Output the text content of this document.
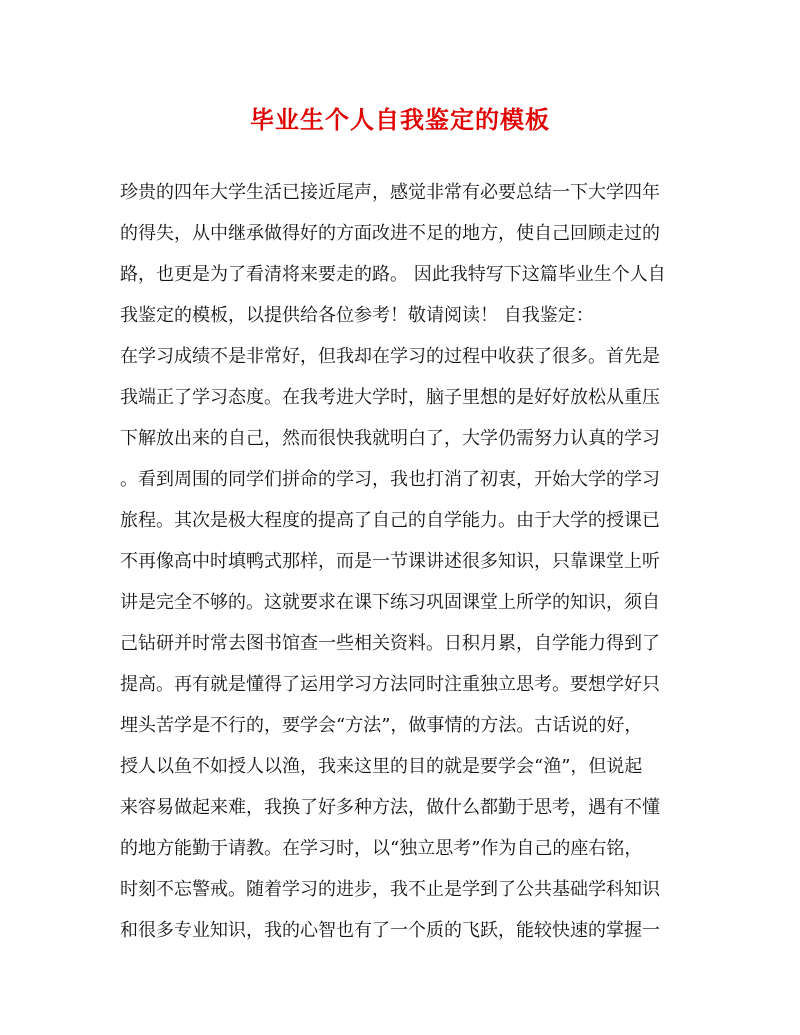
毕业生个人自我鉴定的模板
珍贵的四年大学生活已接近尾声，感觉非常有必要总结一下大学四年
的得失，从中继承做得好的方面改进不足的地方，使自己回顾走过的
路，也更是为了看清将来要走的路。 因此我特写下这篇毕业生个人自
我鉴定的模板，以提供给各位参考！敬请阅读！ 自我鉴定：
在学习成绩不是非常好，但我却在学习的过程中收获了很多。首先是
我端正了学习态度。在我考进大学时，脑子里想的是好好放松从重压
下解放出来的自己，然而很快我就明白了，大学仍需努力认真的学习
。看到周围的同学们拼命的学习，我也打消了初衷，开始大学的学习
旅程。其次是极大程度的提高了自己的自学能力。由于大学的授课已
不再像高中时填鸭式那样，而是一节课讲述很多知识，只靠课堂上听
讲是完全不够的。这就要求在课下练习巩固课堂上所学的知识，须自
己钻研并时常去图书馆查一些相关资料。日积月累，自学能力得到了
提高。再有就是懂得了运用学习方法同时注重独立思考。要想学好只
埋头苦学是不行的，要学会“方法”，做事情的方法。古话说的好，
授人以鱼不如授人以渔，我来这里的目的就是要学会“渔”，但说起
来容易做起来难，我换了好多种方法，做什么都勤于思考，遇有不懂
的地方能勤于请教。在学习时，以“独立思考”作为自己的座右铭，
时刻不忘警戒。随着学习的进步，我不止是学到了公共基础学科知识
和很多专业知识，我的心智也有了一个质的飞跃，能较快速的掌握一
